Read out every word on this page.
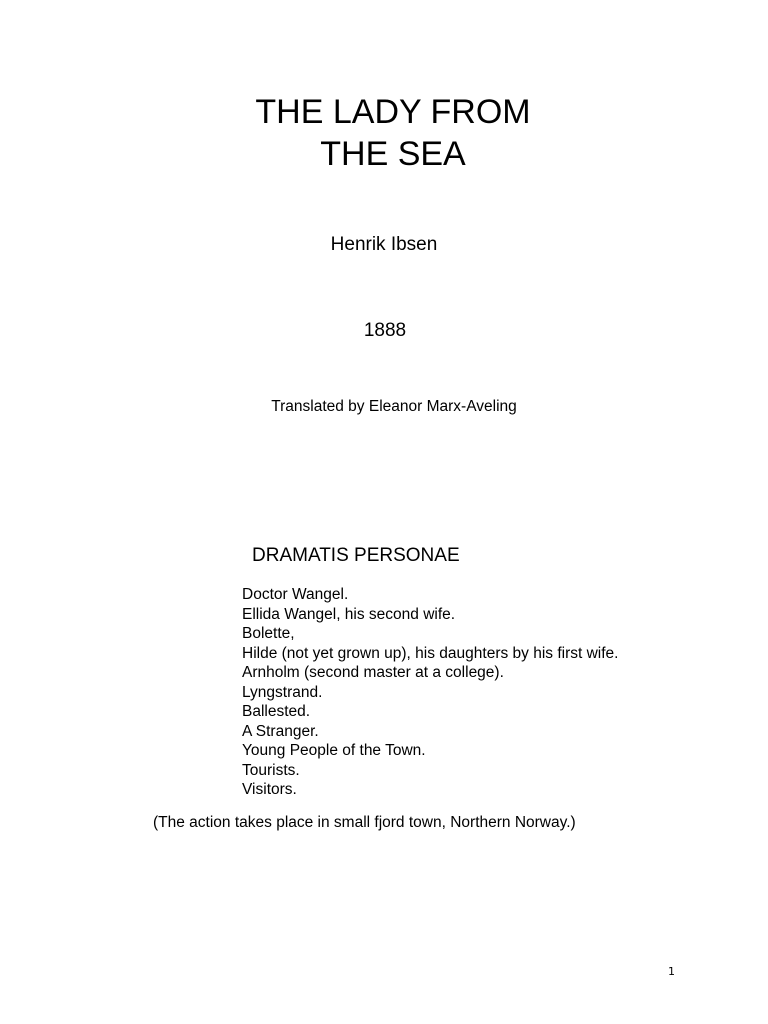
THE LADY FROM
THE SEA
Henrik Ibsen
1888
Translated by Eleanor Marx-Aveling
DRAMATIS PERSONAE
Doctor Wangel.
Ellida Wangel, his second wife.
Bolette,
Hilde (not yet grown up), his daughters by his first wife.
Arnholm (second master at a college).
Lyngstrand.
Ballested.
A Stranger.
Young People of the Town.
Tourists.
Visitors.
(The action takes place in small fjord town, Northern Norway.)
1
